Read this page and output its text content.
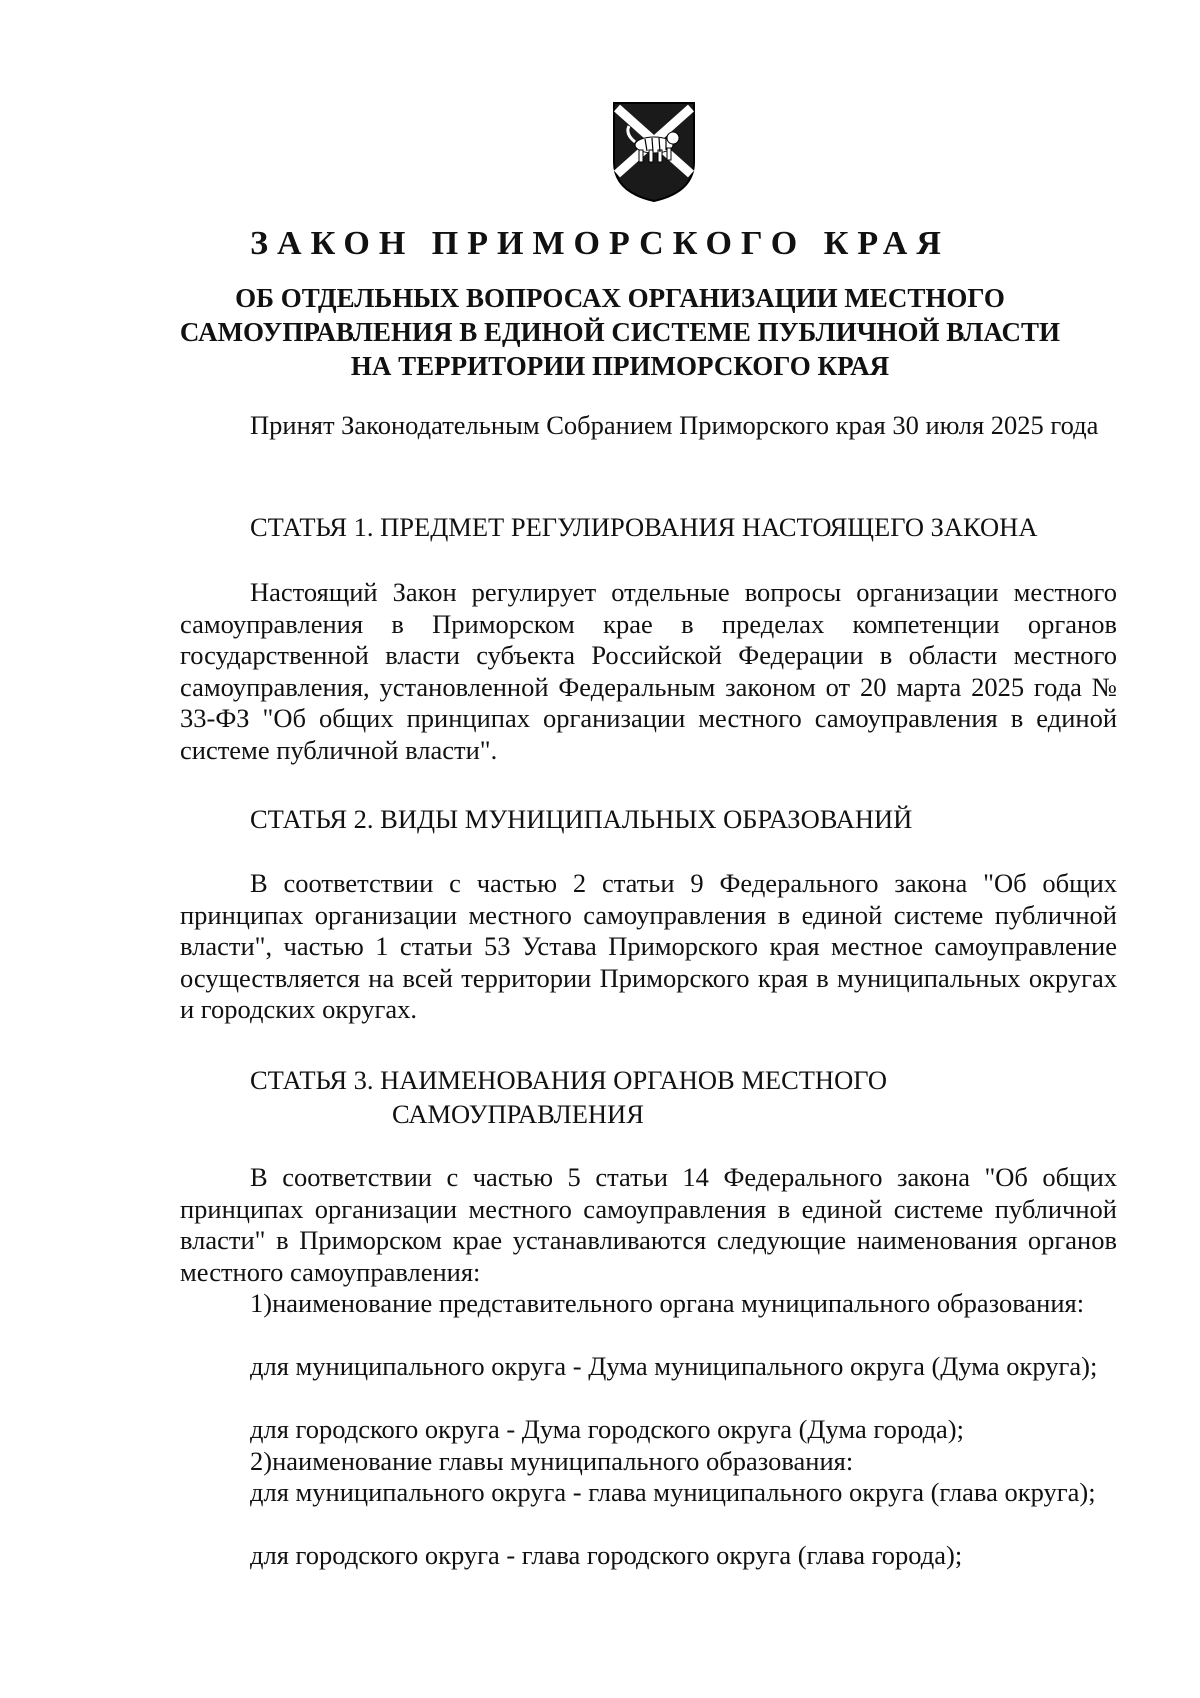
ЗАКОН ПРИМОРСКОГО КРАЯ
ОБ ОТДЕЛЬНЫХ ВОПРОСАХ ОРГАНИЗАЦИИ МЕСТНОГО
САМОУПРАВЛЕНИЯ В ЕДИНОЙ СИСТЕМЕ ПУБЛИЧНОЙ ВЛАСТИ
НА ТЕРРИТОРИИ ПРИМОРСКОГО КРАЯ

Принят Законодательным Собранием Приморского края 30 июля 2025 года

СТАТЬЯ 1. ПРЕДМЕТ РЕГУЛИРОВАНИЯ НАСТОЯЩЕГО ЗАКОНА

Настоящий Закон регулирует отдельные вопросы организации местного самоуправления в Приморском крае в пределах компетенции органов государственной власти субъекта Российской Федерации в области местного самоуправления, установленной Федеральным законом от 20 марта 2025 года № 33-ФЗ "Об общих принципах организации местного самоуправления в единой системе публичной власти".

СТАТЬЯ 2. ВИДЫ МУНИЦИПАЛЬНЫХ ОБРАЗОВАНИЙ

В соответствии с частью 2 статьи 9 Федерального закона "Об общих принципах организации местного самоуправления в единой системе публичной власти", частью 1 статьи 53 Устава Приморского края местное самоуправление осуществляется на всей территории Приморского края в муниципальных округах и городских округах.

СТАТЬЯ 3. НАИМЕНОВАНИЯ ОРГАНОВ МЕСТНОГО
САМОУПРАВЛЕНИЯ

В соответствии с частью 5 статьи 14 Федерального закона "Об общих принципах организации местного самоуправления в единой системе публичной власти" в Приморском крае устанавливаются следующие наименования органов местного самоуправления:

1)наименование представительного органа муниципального образования:

для муниципального округа - Дума муниципального округа (Дума округа);

для городского округа - Дума городского округа (Дума города);

2)наименование главы муниципального образования:

для муниципального округа - глава муниципального округа (глава округа);

для городского округа - глава городского округа (глава города);
